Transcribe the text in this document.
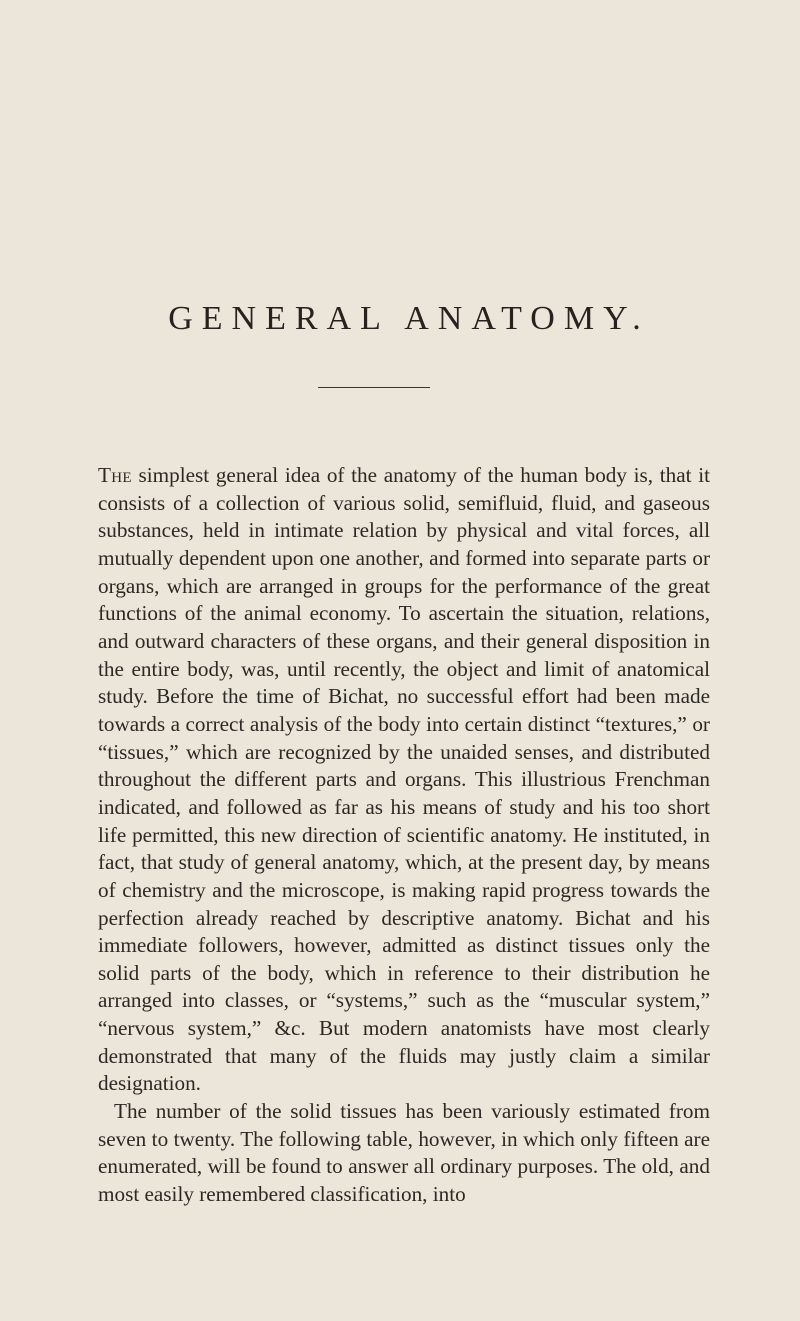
GENERAL ANATOMY.

The simplest general idea of the anatomy of the human body is, that it consists of a collection of various solid, semifluid, fluid, and gaseous substances, held in intimate relation by physical and vital forces, all mutually dependent upon one another, and formed into separate parts or organs, which are arranged in groups for the performance of the great functions of the animal economy. To ascertain the situation, relations, and outward characters of these organs, and their general disposition in the entire body, was, until recently, the object and limit of anatomical study. Before the time of Bichat, no successful effort had been made towards a correct analysis of the body into certain distinct “textures,” or “tissues,” which are recognized by the unaided senses, and distributed throughout the different parts and organs. This illustrious Frenchman indicated, and followed as far as his means of study and his too short life permitted, this new direction of scientific anatomy. He instituted, in fact, that study of general anatomy, which, at the present day, by means of chemistry and the microscope, is making rapid progress towards the perfection already reached by descriptive anatomy. Bichat and his immediate followers, however, admitted as distinct tissues only the solid parts of the body, which in reference to their distribution he arranged into classes, or “systems,” such as the “muscular system,” “nervous system,” &c. But modern anatomists have most clearly demonstrated that many of the fluids may justly claim a similar designation.

The number of the solid tissues has been variously estimated from seven to twenty. The following table, however, in which only fifteen are enumerated, will be found to answer all ordinary purposes. The old, and most easily remembered classification, into
